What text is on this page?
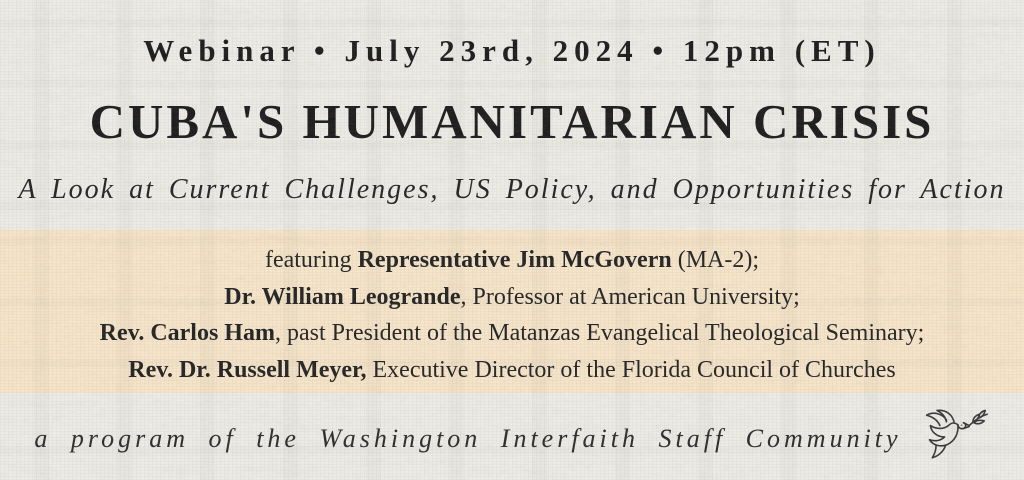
Webinar • July 23rd, 2024 • 12pm (ET)
CUBA'S HUMANITARIAN CRISIS
A Look at Current Challenges, US Policy, and Opportunities for Action
featuring Representative Jim McGovern (MA-2);
Dr. William Leogrande, Professor at American University;
Rev. Carlos Ham, past President of the Matanzas Evangelical Theological Seminary;
Rev. Dr. Russell Meyer, Executive Director of the Florida Council of Churches
a program of the Washington Interfaith Staff Community
